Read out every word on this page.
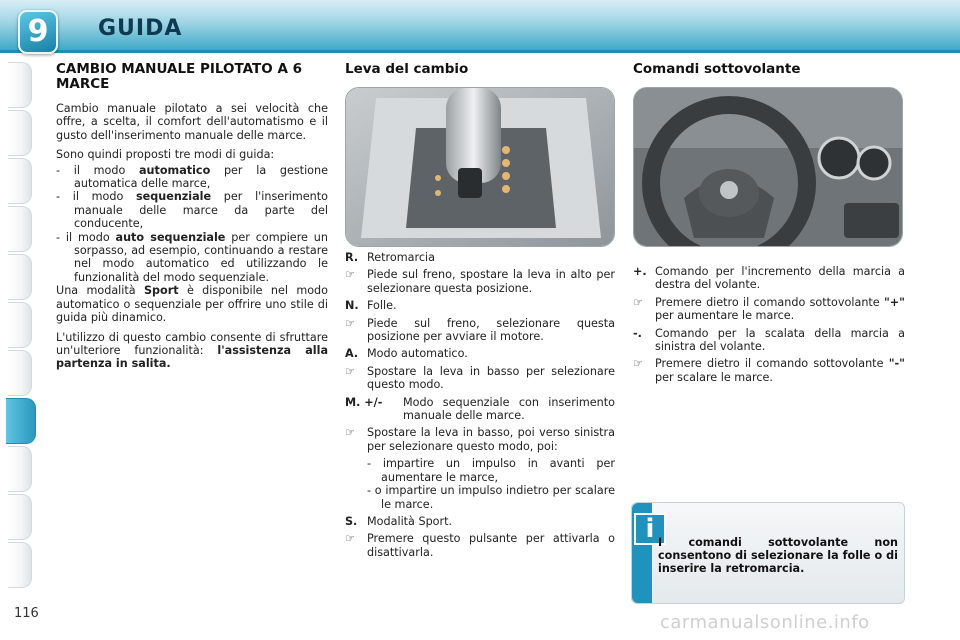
9	GUIDA
CAMBIO MANUALE PILOTATO A 6 MARCE

Cambio manuale pilotato a sei velocità che offre, a scelta, il comfort dell'automatismo e il gusto dell'inserimento manuale delle marce.

Sono quindi proposti tre modi di guida:

- il modo automatico per la gestione automatica delle marce,
- il modo sequenziale per l'inserimento manuale delle marce da parte del conducente,
- il modo auto sequenziale per compiere un sorpasso, ad esempio, continuando a restare nel modo automatico ed utilizzando le funzionalità del modo sequenziale.

Una modalità Sport è disponibile nel modo automatico o sequenziale per offrire uno stile di guida più dinamico.

L'utilizzo di questo cambio consente di sfruttare un'ulteriore funzionalità: l'assistenza alla partenza in salita.

Leva del cambio
R. Retromarcia
☞	Piede sul freno, spostare la leva in alto per selezionare questa posizione.
N. Folle.
☞	Piede sul freno, selezionare questa posizione per avviare il motore.
A. Modo automatico.
☞	Spostare la leva in basso per selezionare questo modo.
M. +/-	Modo sequenziale con inserimento manuale delle marce.
☞	Spostare la leva in basso, poi verso sinistra per selezionare questo modo, poi:
- impartire un impulso in avanti per aumentare le marce,
- o impartire un impulso indietro per scalare le marce.
S. Modalità Sport.
☞	Premere questo pulsante per attivarla o disattivarla.
Comandi sottovolante
+. Comando per l'incremento della marcia a destra del volante.
☞	Premere dietro il comando sottovolante "+" per aumentare le marce.
-.	Comando per la scalata della marcia a sinistra del volante.
☞	Premere dietro il comando sottovolante "-" per scalare le marce.
i I comandi sottovolante non consentono di selezionare la folle o di inserire la retromarcia.
116	carmanualsonline.info
